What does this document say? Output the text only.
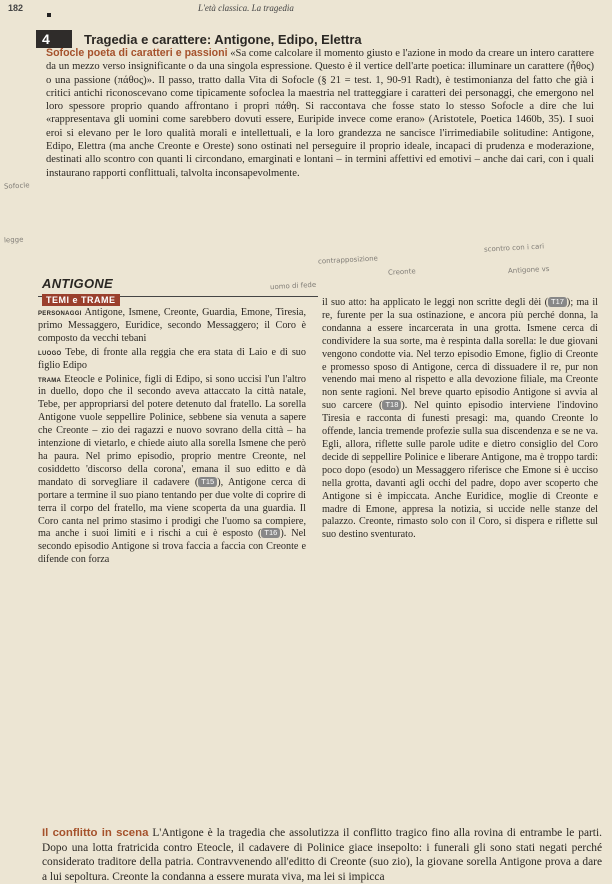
182	L'età classica. La tragedia
4	Tragedia e carattere: Antigone, Edipo, Elettra

Sofocle poeta di caratteri e passioni «Sa come calcolare il momento giusto e l'azione in modo da creare un intero carattere da un mezzo verso insignificante o da una singola espressione. Questo è il vertice dell'arte poetica: illuminare un carattere (ἦθος) o una passione (πάθος)». Il passo, tratto dalla Vita di Sofocle (§ 21 = test. 1, 90-91 Radt), è testimonianza del fatto che già i critici antichi riconoscevano come tipicamente sofoclea la maestria nel tratteggiare i caratteri dei personaggi, che emergono nel loro spessore proprio quando affrontano i propri πάθη. Si raccontava che fosse stato lo stesso Sofocle a dire che lui «rappresentava gli uomini come sarebbero dovuti essere, Euripide invece come erano» (Aristotele, Poetica 1460b, 35). I suoi eroi si elevano per le loro qualità morali e intellettuali, e la loro grandezza ne sancisce l'irrimediabile solitudine: Antigone, Edipo, Elettra (ma anche Creonte e Oreste) sono ostinati nel perseguire il proprio ideale, incapaci di prudenza e moderazione, destinati allo scontro con quanti li circondano, emarginati e lontani – in termini affettivi ed emotivi – anche dai cari, con i quali instaurano rapporti conflittuali, talvolta inconsapevolmente.

Sofocle
contrapposizione
Creonte	Antigone vs
scontro con i cari
legge
uomo di fede
ANTIGONE
TEMI e TRAME

personaggi Antigone, Ismene, Creonte, Guardia, Emone, Tiresia, primo Messaggero, Euridice, secondo Messaggero; il Coro è composto da vecchi tebani

luogo Tebe, di fronte alla reggia che era stata di Laio e di suo figlio Edipo

trama Eteocle e Polinice, figli di Edipo, si sono uccisi l'un l'altro in duello, dopo che il secondo aveva attaccato la città natale, Tebe, per appropriarsi del potere detenuto dal fratello. La sorella Antigone vuole seppellire Polinice, sebbene sia venuta a sapere che Creonte – zio dei ragazzi e nuovo sovrano della città – ha intenzione di vietarlo, e chiede aiuto alla sorella Ismene che però ha paura. Nel primo episodio, proprio mentre Creonte, nel cosiddetto 'discorso della corona', emana il suo editto e dà mandato di sorvegliare il cadavere ( T15 ), Antigone cerca di portare a termine il suo piano tentando per due volte di coprire di terra il corpo del fratello, ma viene scoperta da una guardia. Il Coro canta nel primo stasimo i prodigi che l'uomo sa compiere, ma anche i suoi limiti e i rischi a cui è esposto ( T16 ). Nel secondo episodio Antigone si trova faccia a faccia con Creonte e difende con forza

il suo atto: ha applicato le leggi non scritte degli dèi ( T17 ); ma il re, furente per la sua ostinazione, e ancora più perché donna, la condanna a essere incarcerata in una grotta. Ismene cerca di condividere la sua sorte, ma è respinta dalla sorella: le due giovani vengono condotte via. Nel terzo episodio Emone, figlio di Creonte e promesso sposo di Antigone, cerca di dissuadere il re, pur non venendo mai meno al rispetto e alla devozione filiale, ma Creonte non sente ragioni. Nel breve quarto episodio Antigone si avvia al suo carcere ( T18 ). Nel quinto episodio interviene l'indovino Tiresia e racconta di funesti presagi: ma, quando Creonte lo offende, lancia tremende profezie sulla sua discendenza e se ne va. Egli, allora, riflette sulle parole udite e dietro consiglio del Coro decide di seppellire Polinice e liberare Antigone, ma è troppo tardi: poco dopo (esodo) un Messaggero riferisce che Emone si è ucciso nella grotta, davanti agli occhi del padre, dopo aver scoperto che Antigone si è impiccata. Anche Euridice, moglie di Creonte e madre di Emone, appresa la notizia, si uccide nelle stanze del palazzo. Creonte, rimasto solo con il Coro, si dispera e riflette sul suo destino sventurato.

Il conflitto in scena L'Antigone è la tragedia che assolutizza il conflitto tragico fino alla rovina di entrambe le parti. Dopo una lotta fratricida contro Eteocle, il cadavere di Polinice giace insepolto: i funerali gli sono stati negati perché considerato traditore della patria. Contravvenendo all'editto di Creonte (suo zio), la giovane sorella Antigone prova a dare a lui sepoltura. Creonte la condanna a essere murata viva, ma lei si impicca
